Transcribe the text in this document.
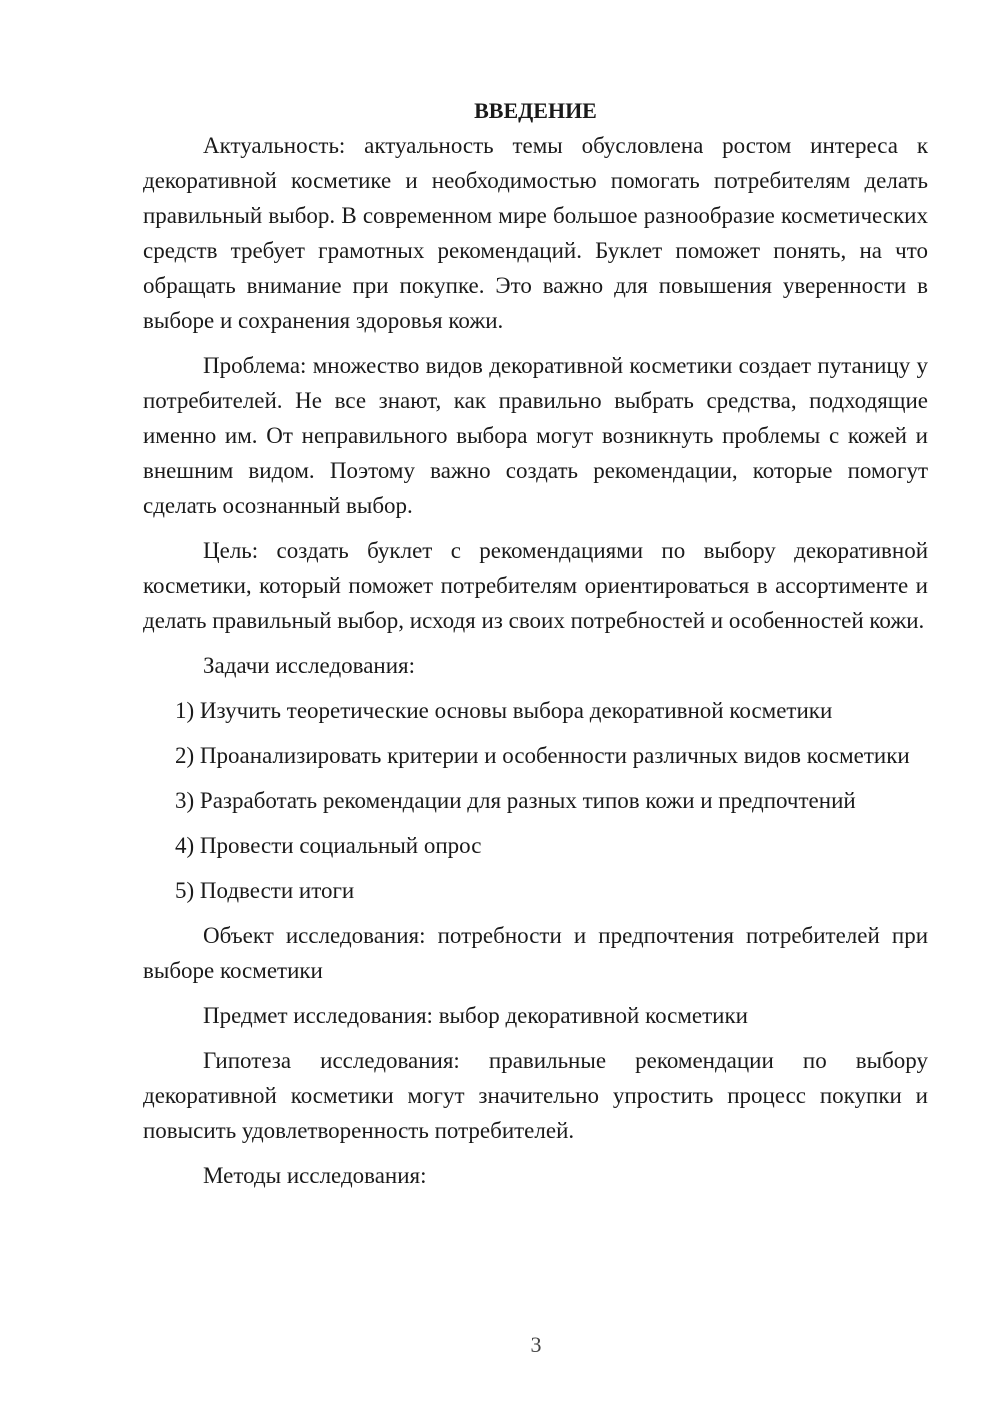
ВВЕДЕНИЕ

Актуальность: актуальность темы обусловлена ростом интереса к декоративной косметике и необходимостью помогать потребителям делать правильный выбор. В современном мире большое разнообразие косметических средств требует грамотных рекомендаций. Буклет поможет понять, на что обращать внимание при покупке. Это важно для повышения уверенности в выборе и сохранения здоровья кожи.

Проблема: множество видов декоративной косметики создает путаницу у потребителей. Не все знают, как правильно выбрать средства, подходящие именно им. От неправильного выбора могут возникнуть проблемы с кожей и внешним видом. Поэтому важно создать рекомендации, которые помогут сделать осознанный выбор.

Цель: создать буклет с рекомендациями по выбору декоративной косметики, который поможет потребителям ориентироваться в ассортименте и делать правильный выбор, исходя из своих потребностей и особенностей кожи.

Задачи исследования:

1) Изучить теоретические основы выбора декоративной косметики

2) Проанализировать критерии и особенности различных видов косметики

3) Разработать рекомендации для разных типов кожи и предпочтений

4) Провести социальный опрос

5) Подвести итоги

Объект исследования: потребности и предпочтения потребителей при выборе косметики

Предмет исследования: выбор декоративной косметики

Гипотеза исследования: правильные рекомендации по выбору декоративной косметики могут значительно упростить процесс покупки и повысить удовлетворенность потребителей.

Методы исследования:

3
